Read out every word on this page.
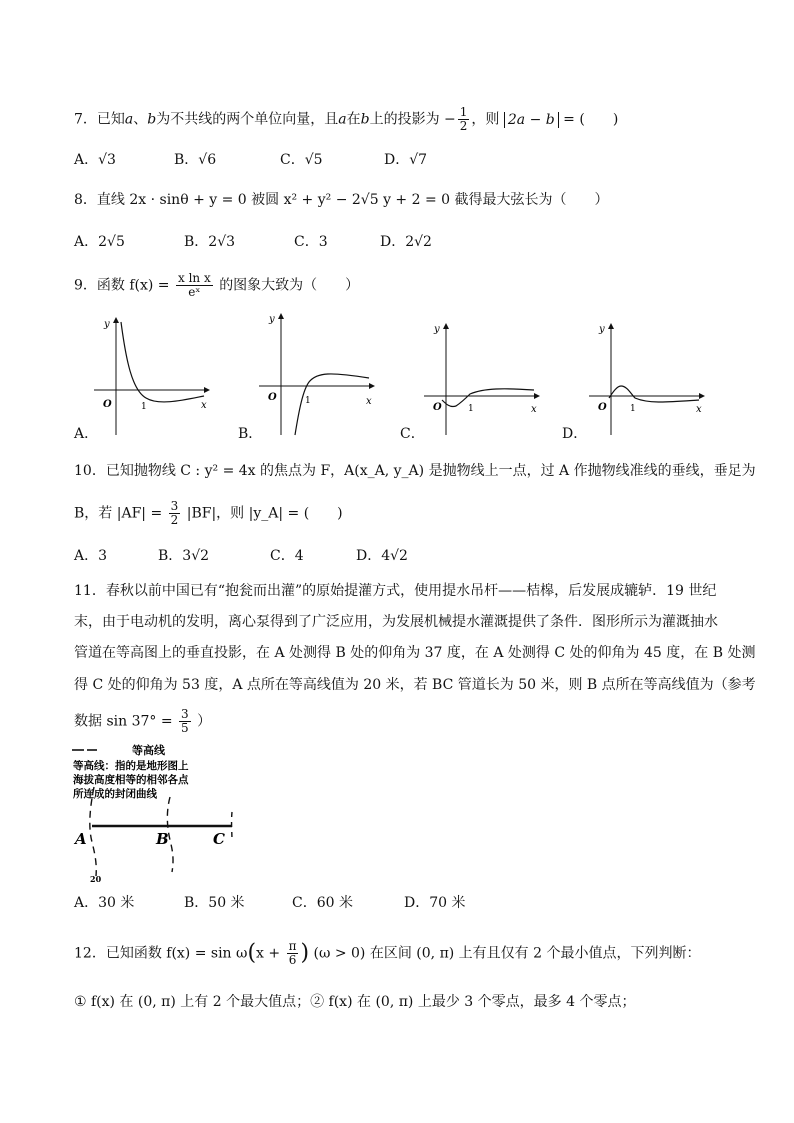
7．已知a、b为不共线的两个单位向量，且a在b上的投影为 − $\frac{1}{2}$ ，则 2a − b = (　　)
A．√3	B．√6	C．√5	D．√7
8．直线 2x · sinθ + y = 0 被圆 x² + y² − 2√5 y + 2 = 0 截得最大弦长为（　　）
A．2√5	B．2√3	C．3	D．2√2
9．函数 $f(x) = \frac{\text{x ln x}}{\text{eˣ}}$ 的图象大致为（　　）
y
x
O	1
y
x
O	1
y
x
O	1
y
x
O	1
A．	B．	C．	D．
10．已知抛物线 C : y² = 4x 的焦点为 F，A(x_A, y_A) 是抛物线上一点，过 A 作抛物线准线的垂线，垂足为
B，若 $|AF| = \frac{3}{2} |BF|$，则 |y_A| = (　　)
A．3	B．3√2	C．4	D．4√2
11．春秋以前中国已有“抱瓮而出灌”的原始提灌方式，使用提水吊杆——桔槔，后发展成辘轳．19 世纪
末，由于电动机的发明，离心泵得到了广泛应用，为发展机械提水灌溉提供了条件．图形所示为灌溉抽水
管道在等高图上的垂直投影，在 A 处测得 B 处的仰角为 37 度，在 A 处测得 C 处的仰角为 45 度，在 B 处测
得 C 处的仰角为 53 度，A 点所在等高线值为 20 米，若 BC 管道长为 50 米，则 B 点所在等高线值为（参考
数据 $\sin 37^\circ = \frac{3}{5}$ ）
等高线
等高线：指的是地形图上
海拔高度相等的相邻各点
所连成的封闭曲线
A	B	C
20
A．30 米	B．50 米	C．60 米	D．70 米
12．已知函数 $f(x) = \sin \omega(x + \frac{\pi}{6}$ ) (ω > 0) 在区间 (0, π) 上有且仅有 2 个最小值点，下列判断：
① f(x) 在 (0, π) 上有 2 个最大值点；② f(x) 在 (0, π) 上最少 3 个零点，最多 4 个零点；
